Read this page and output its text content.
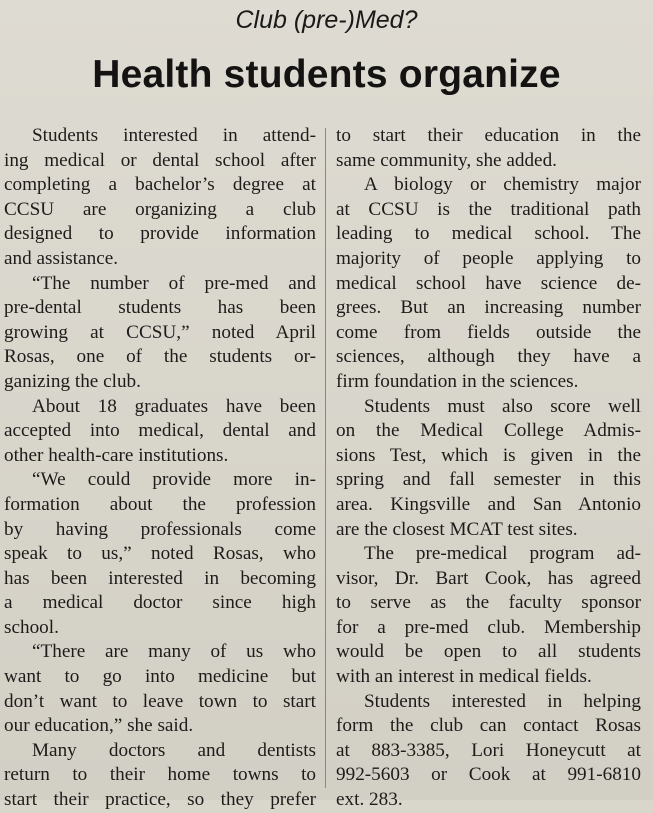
Club (pre-)Med?
Health students organize
Students interested in attend-
ing medical or dental school after
completing a bachelor’s degree at
CCSU are organizing a club
designed to provide information
and assistance.
“The number of pre-med and
pre-dental students has been
growing at CCSU,” noted April
Rosas, one of the students or-
ganizing the club.
About 18 graduates have been
accepted into medical, dental and
other health-care institutions.
“We could provide more in-
formation about the profession
by having professionals come
speak to us,” noted Rosas, who
has been interested in becoming
a medical doctor since high
school.
“There are many of us who
want to go into medicine but
don’t want to leave town to start
our education,” she said.
Many doctors and dentists
return to their home towns to
start their practice, so they prefer
to start their education in the
same community, she added.
A biology or chemistry major
at CCSU is the traditional path
leading to medical school. The
majority of people applying to
medical school have science de-
grees. But an increasing number
come from fields outside the
sciences, although they have a
firm foundation in the sciences.
Students must also score well
on the Medical College Admis-
sions Test, which is given in the
spring and fall semester in this
area. Kingsville and San Antonio
are the closest MCAT test sites.
The pre-medical program ad-
visor, Dr. Bart Cook, has agreed
to serve as the faculty sponsor
for a pre-med club. Membership
would be open to all students
with an interest in medical fields.
Students interested in helping
form the club can contact Rosas
at 883-3385, Lori Honeycutt at
992-5603 or Cook at 991-6810
ext. 283.
